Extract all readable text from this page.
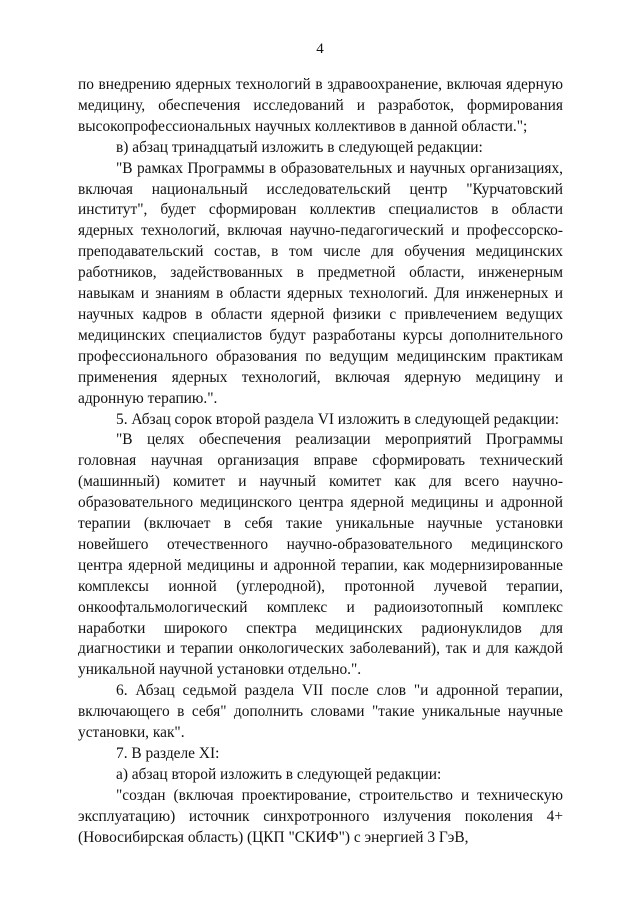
4

по внедрению ядерных технологий в здравоохранение, включая ядерную медицину, обеспечения исследований и разработок, формирования высокопрофессиональных научных коллективов в данной области.";

в) абзац тринадцатый изложить в следующей редакции:

"В рамках Программы в образовательных и научных организациях, включая национальный исследовательский центр "Курчатовский институт", будет сформирован коллектив специалистов в области ядерных технологий, включая научно-педагогический и профессорско-преподавательский состав, в том числе для обучения медицинских работников, задействованных в предметной области, инженерным навыкам и знаниям в области ядерных технологий. Для инженерных и научных кадров в области ядерной физики с привлечением ведущих медицинских специалистов будут разработаны курсы дополнительного профессионального образования по ведущим медицинским практикам применения ядерных технологий, включая ядерную медицину и адронную терапию.".

5. Абзац сорок второй раздела VI изложить в следующей редакции:

"В целях обеспечения реализации мероприятий Программы головная научная организация вправе сформировать технический (машинный) комитет и научный комитет как для всего научно-образовательного медицинского центра ядерной медицины и адронной терапии (включает в себя такие уникальные научные установки новейшего отечественного научно-образовательного медицинского центра ядерной медицины и адронной терапии, как модернизированные комплексы ионной (углеродной), протонной лучевой терапии, онкоофтальмологический комплекс и радиоизотопный комплекс наработки широкого спектра медицинских радионуклидов для диагностики и терапии онкологических заболеваний), так и для каждой уникальной научной установки отдельно.".

6. Абзац седьмой раздела VII после слов "и адронной терапии, включающего в себя" дополнить словами "такие уникальные научные установки, как".

7. В разделе XI:

а) абзац второй изложить в следующей редакции:

"создан (включая проектирование, строительство и техническую эксплуатацию) источник синхротронного излучения поколения 4+ (Новосибирская область) (ЦКП "СКИФ") с энергией 3 ГэВ,
